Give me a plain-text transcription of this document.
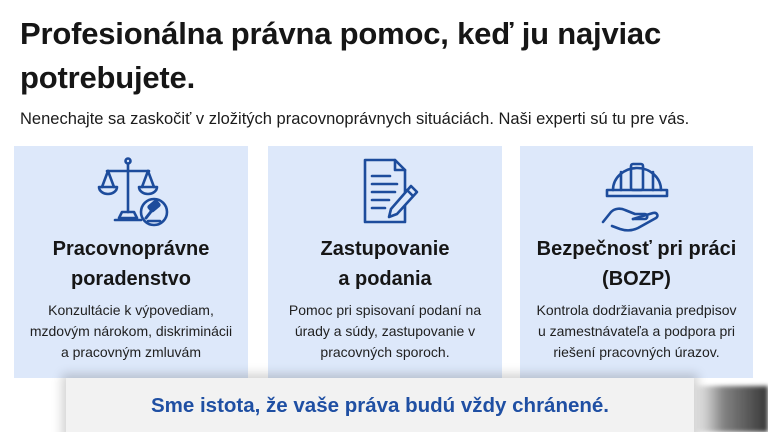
Profesionálna právna pomoc, keď ju najviac potrebujete.

Nenechajte sa zaskočiť v zložitých pracovnoprávnych situáciách. Naši experti sú tu pre vás.

Pracovnoprávne
poradenstvo
Konzultácie k výpovediam,
mzdovým nárokom, diskriminácii
a pracovným zmluvám
Zastupovanie
a podania
Pomoc pri spisovaní podaní na
úrady a súdy, zastupovanie v
pracovných sporoch.
Bezpečnosť pri práci
(BOZP)
Kontrola dodržiavania predpisov
u zamestnávateľa a podpora pri
riešení pracovných úrazov.
Sme istota, že vaše práva budú vždy chránené.
